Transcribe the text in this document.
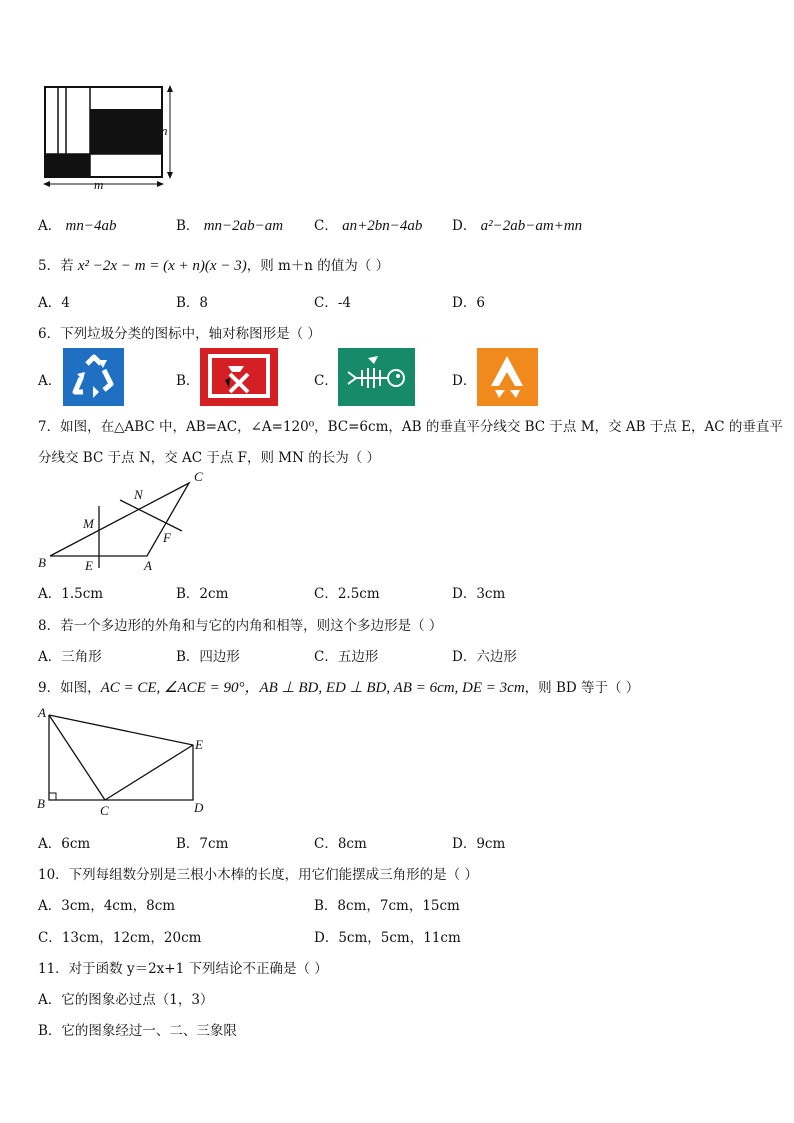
n
m
A． mn−4ab	B． mn−2ab−am C． an+2bn−4ab D． a²−2ab−am+mn
5．若 x² −2x − m = (x + n)(x − 3)，则 m＋n 的值为（ ）
A．4	B．8	C．-4	D．6
6．下列垃圾分类的图标中，轴对称图形是（ ）
A．	B．	C．	D．
7．如图，在△ABC 中，AB=AC，∠A=120⁰，BC=6cm，AB 的垂直平分线交 BC 于点 M，交 AB 于点 E，AC 的垂直平
分线交 BC 于点 N，交 AC 于点 F，则 MN 的长为（ ）
C
N
M
F
B	E	A
A．1.5cm	B．2cm	C．2.5cm	D．3cm
8．若一个多边形的外角和与它的内角和相等，则这个多边形是（ ）
A．三角形	B．四边形	C．五边形	D．六边形
9．如图，AC = CE, ∠ACE = 90°，AB ⊥ BD, ED ⊥ BD, AB = 6cm, DE = 3cm，则 BD 等于（ ）
A
E
B	C	D
A．6cm	B．7cm	C．8cm	D．9cm
10．下列每组数分别是三根小木棒的长度，用它们能摆成三角形的是（ ）
A．3cm，4cm，8cm	B．8cm，7cm，15cm
C．13cm，12cm，20cm	D．5cm，5cm，11cm
11．对于函数 y＝2x+1 下列结论不正确是（ ）
A．它的图象必过点（1，3）
B．它的图象经过一、二、三象限
